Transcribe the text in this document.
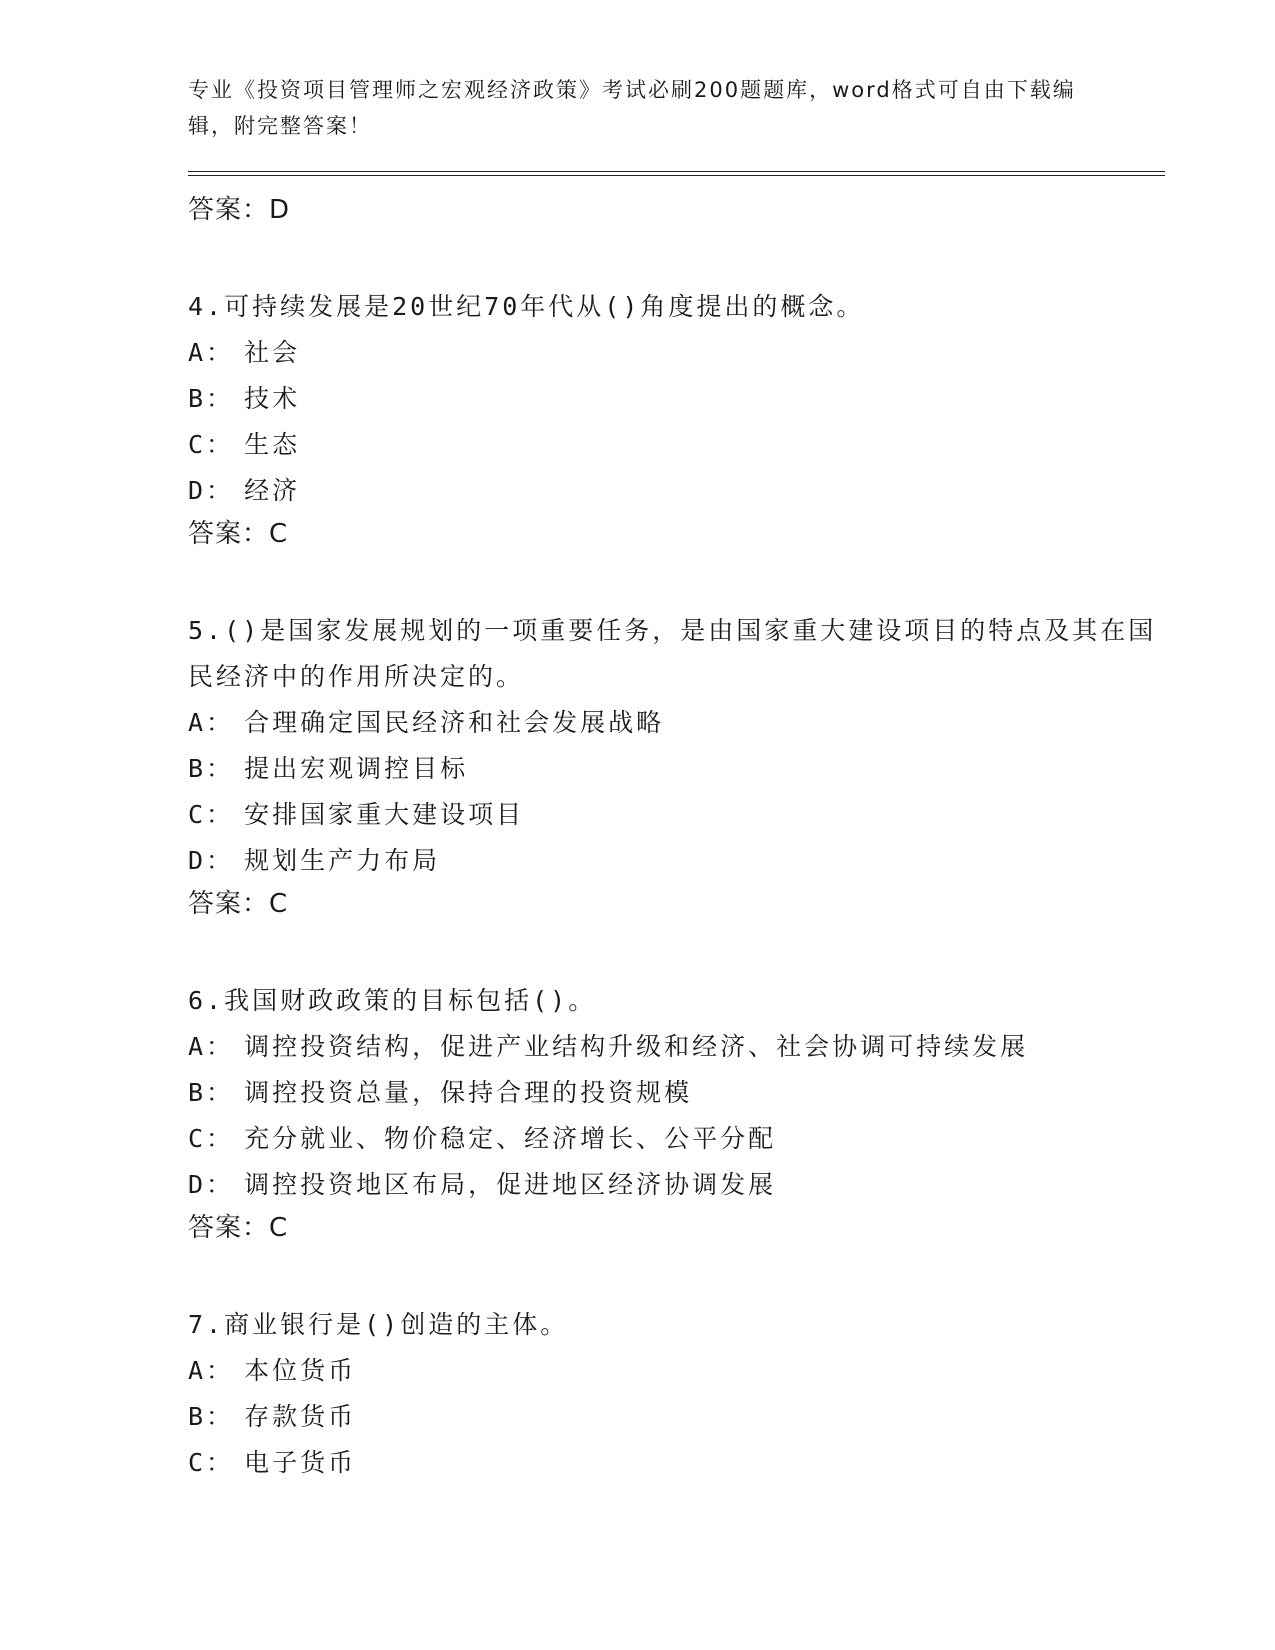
专业《投资项目管理师之宏观经济政策》考试必刷200题题库，word格式可自由下载编辑，附完整答案！
答案：D
4.可持续发展是20世纪70年代从()角度提出的概念。
A： 社会
B： 技术
C： 生态
D： 经济
答案：C
5.()是国家发展规划的一项重要任务，是由国家重大建设项目的特点及其在国民经济中的作用所决定的。
A： 合理确定国民经济和社会发展战略
B： 提出宏观调控目标
C： 安排国家重大建设项目
D： 规划生产力布局
答案：C
6.我国财政政策的目标包括()。
A： 调控投资结构，促进产业结构升级和经济、社会协调可持续发展
B： 调控投资总量，保持合理的投资规模
C： 充分就业、物价稳定、经济增长、公平分配
D： 调控投资地区布局，促进地区经济协调发展
答案：C
7.商业银行是()创造的主体。
A： 本位货币
B： 存款货币
C： 电子货币
